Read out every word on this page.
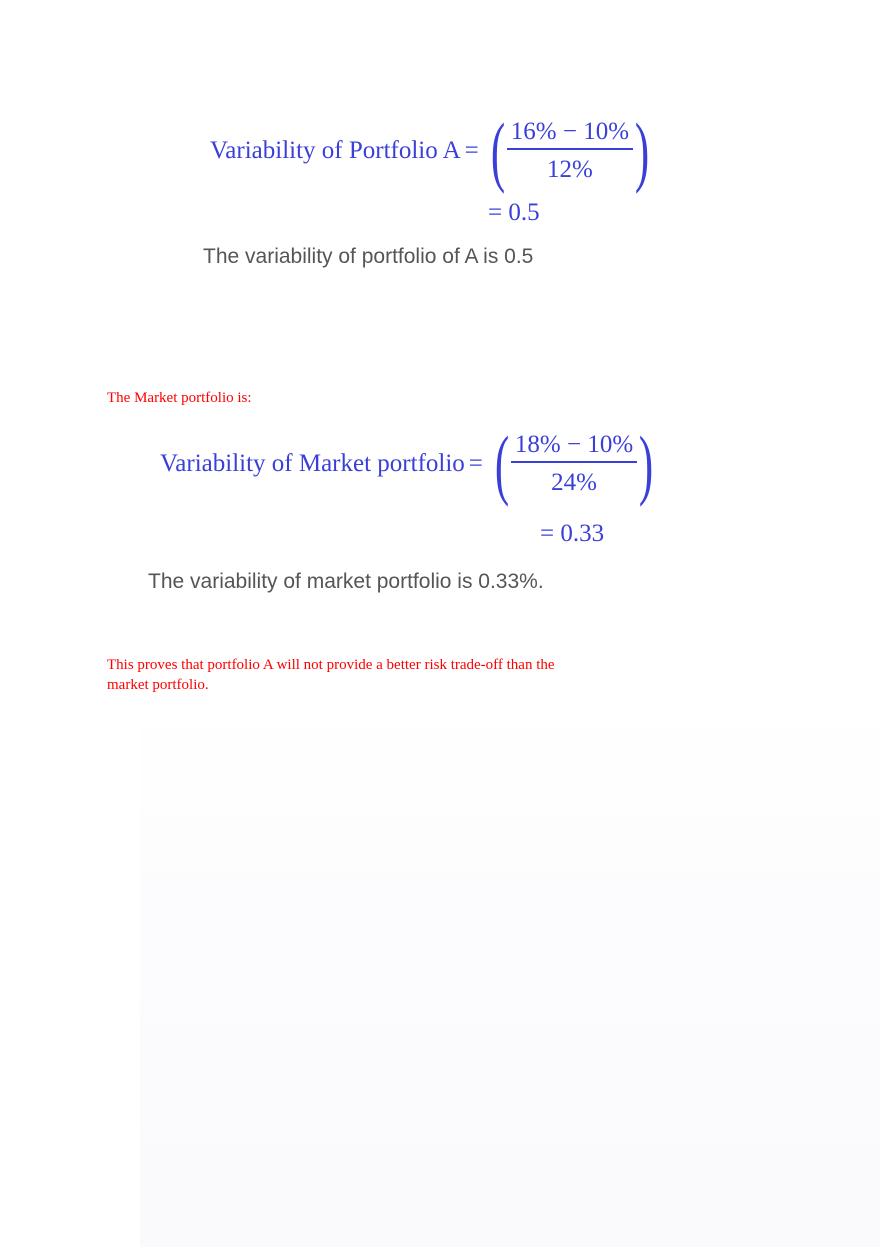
Variability of Portfolio A = ( $\frac{16\% - 10\%}{12\%}$ )
= 0.5
The variability of portfolio of A is 0.5
The Market portfolio is:
Variability of Market portfolio = ( $\frac{18\% - 10\%}{24\%}$ )
= 0.33
The variability of market portfolio is 0.33%.
This proves that portfolio A will not provide a better risk trade-off than the
market portfolio.
